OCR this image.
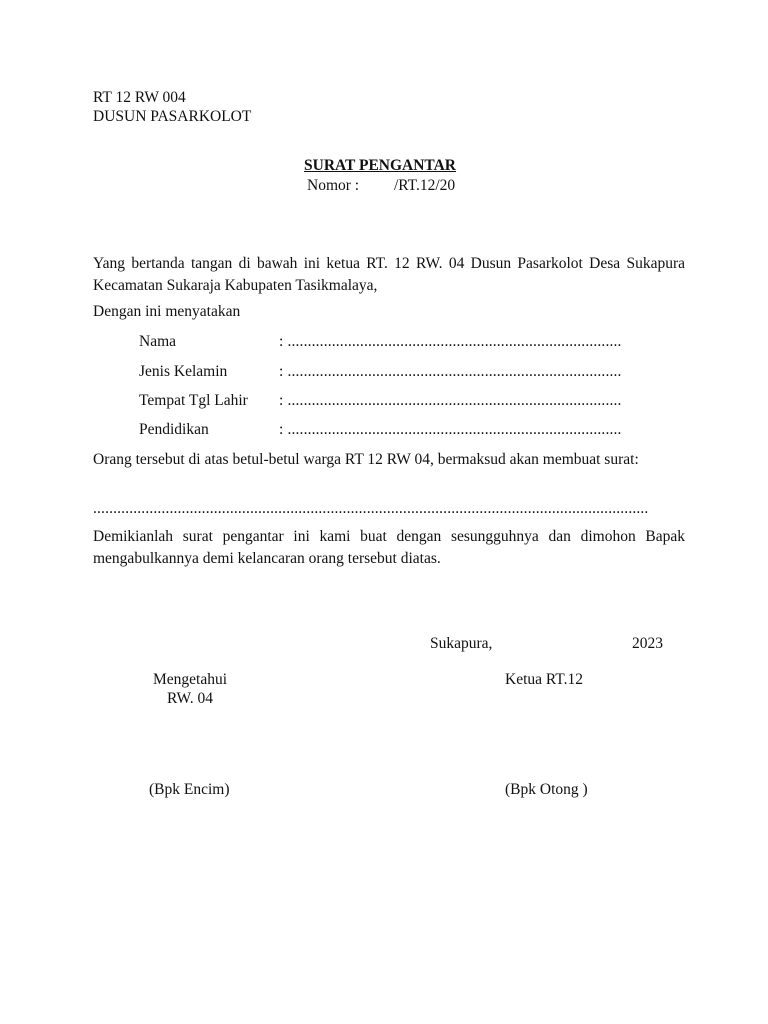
RT 12 RW 004
DUSUN PASARKOLOT
SURAT PENGANTAR
Nomor :         /RT.12/20
Yang bertanda tangan di bawah ini ketua RT. 12 RW. 04 Dusun Pasarkolot Desa Sukapura Kecamatan Sukaraja Kabupaten Tasikmalaya,
Dengan ini menyatakan
Nama	: ...................................................................................
Jenis Kelamin	: ...................................................................................
Tempat Tgl Lahir : ...................................................................................
Pendidikan	: ...................................................................................
Orang tersebut di atas betul-betul warga RT 12 RW 04, bermaksud akan membuat surat:
..........................................................................................................................................
Demikianlah surat pengantar ini kami buat dengan sesungguhnya dan dimohon Bapak mengabulkannya demi kelancaran orang tersebut diatas.
Sukapura,	2023
Mengetahui
RW. 04
Ketua RT.12
(Bpk Encim)	(Bpk Otong )
